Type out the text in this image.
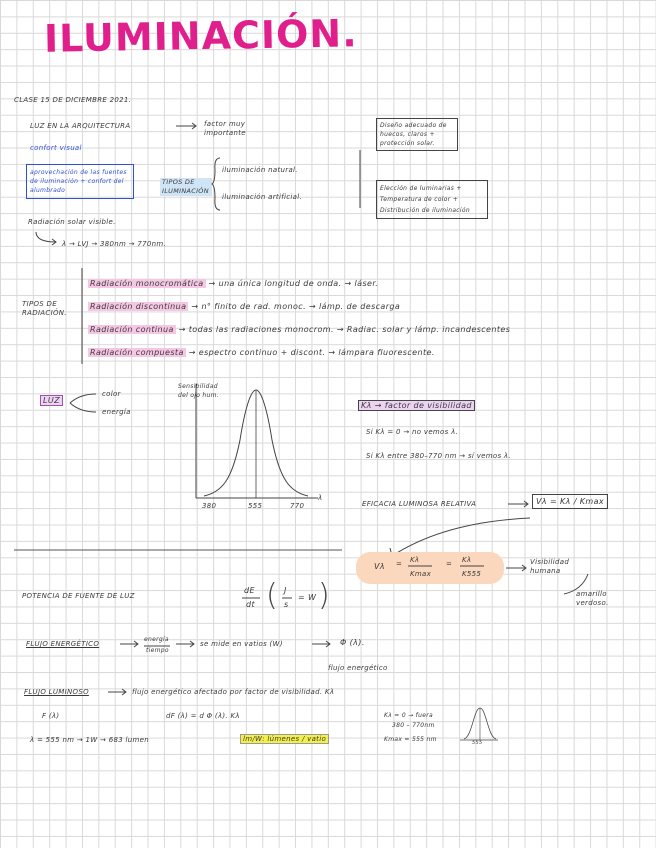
ILUMINACIÓN.
CLASE 15 DE DICIEMBRE 2021.
LUZ EN LA ARQUITECTURA	factor muy importante
confort visual
aprovechación de las fuentes de iluminación + confort del alumbrado
TIPOS DE ILUMINACIÓN
iluminación natural.
iluminación artificial.
Diseño adecuado de huecos, claros + protección solar.
Elección de luminarias + Temperatura de color + Distribución de iluminación
Radiación solar visible.
λ → LVJ → 380nm → 770nm.
TIPOS DE RADIACIÓN.
Radiación monocromática → una única longitud de onda. → láser.
Radiación discontinua → n° finito de rad. monoc. → lámp. de descarga
Radiación continua → todas las radiaciones monocrom. → Radiac. solar y lámp. incandescentes
Radiación compuesta → espectro continuo + discont. → lámpara fluorescente.
LUZ
color
energía
Sensibilidad del ojo hum.
380	555	770
λ
Kλ → factor de visibilidad
Si Kλ = 0 → no vemos λ.
Si Kλ entre 380–770 nm → sí vemos λ.
EFICACIA LUMINOSA RELATIVA	Vλ = Kλ / Kmax
Vλ = Kλ
Kmax
= Kλ
K555
Visibilidad humana
amarillo verdoso.
POTENCIA DE FUENTE DE LUZ
dE
dt ( J
s
= W )
FLUJO ENERGÉTICO
energía
tiempo
se mide en vatios (W)	Φ (λ).
flujo energético
FLUJO LUMINOSO	flujo energético afectado por factor de visibilidad. Kλ
F (λ)	dF (λ) = d Φ (λ). Kλ	Kλ = 0 → fuera
380 – 770nm
Kmax = 555 nm	555
λ = 555 nm → 1W → 683 lumen	lm/W: lúmenes / vatio
